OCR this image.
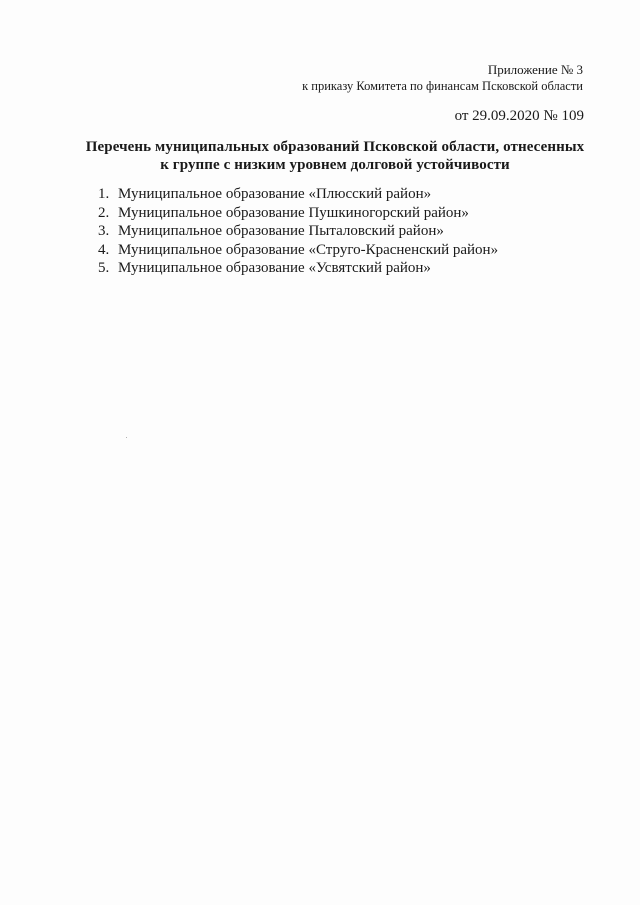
Приложение № 3
к приказу Комитета по финансам Псковской области
от 29.09.2020 № 109
Перечень муниципальных образований Псковской области, отнесенных
к группе с низким уровнем долговой устойчивости
1. Муниципальное образование «Плюсский район»
2. Муниципальное образование Пушкиногорский район»
3. Муниципальное образование Пыталовский район»
4. Муниципальное образование «Струго-Красненский район»
5. Муниципальное образование «Усвятский район»
